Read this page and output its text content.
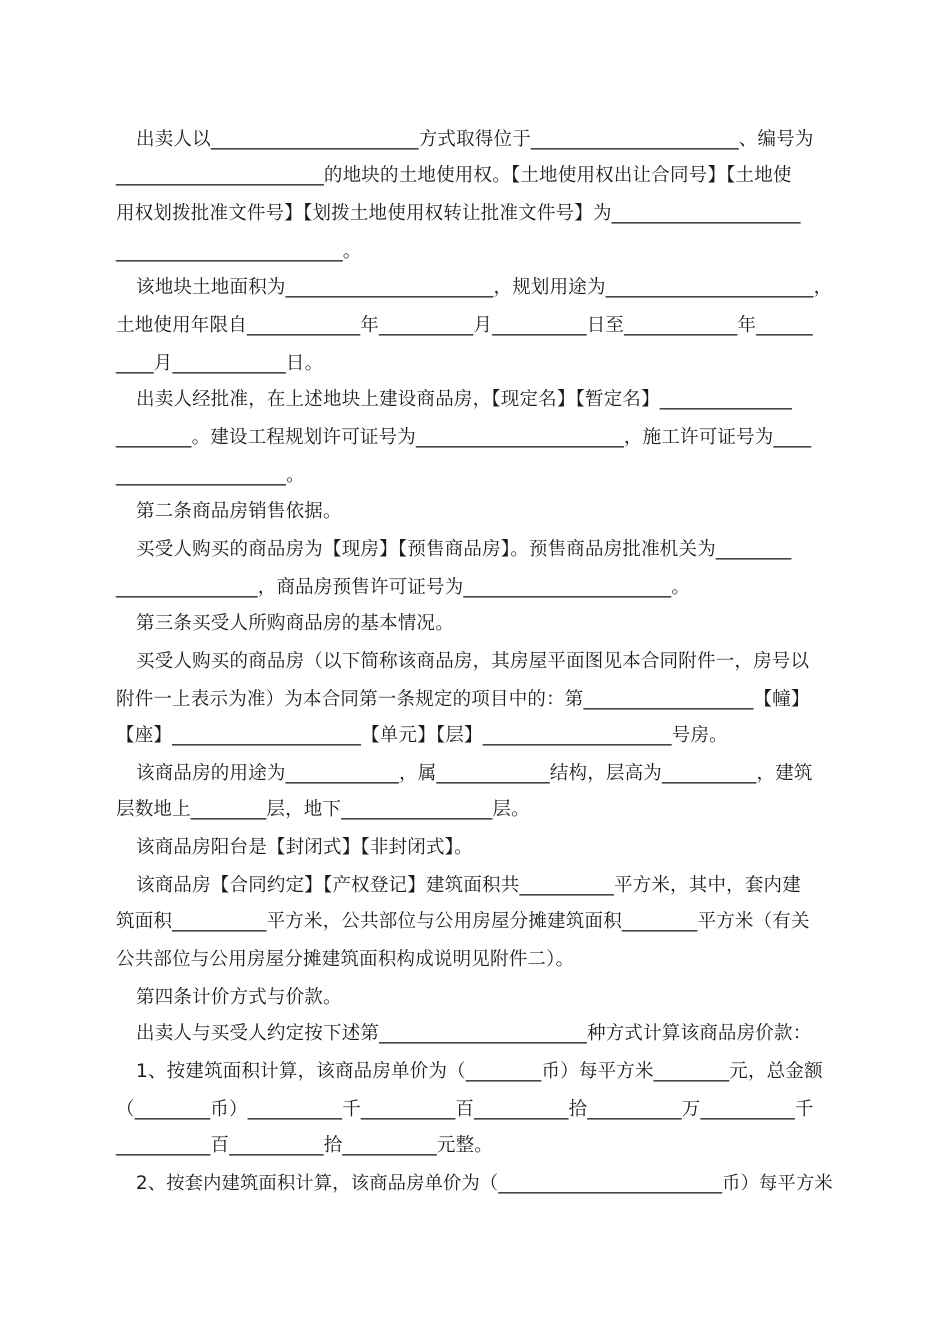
出卖人以______________________方式取得位于______________________、编号为
______________________的地块的土地使用权。【土地使用权出让合同号】【土地使
用权划拨批准文件号】【划拨土地使用权转让批准文件号】为____________________
________________________。
该地块土地面积为______________________，规划用途为______________________，
土地使用年限自____________年__________月__________日至____________年______
____月____________日。
出卖人经批准，在上述地块上建设商品房，【现定名】【暂定名】______________
________。建设工程规划许可证号为______________________，施工许可证号为____
__________________。
第二条商品房销售依据。
买受人购买的商品房为【现房】【预售商品房】。预售商品房批准机关为________
_______________，商品房预售许可证号为______________________。
第三条买受人所购商品房的基本情况。
买受人购买的商品房（以下简称该商品房，其房屋平面图见本合同附件一，房号以
附件一上表示为准）为本合同第一条规定的项目中的：第__________________【幢】
【座】____________________【单元】【层】____________________号房。
该商品房的用途为____________，属____________结构，层高为__________，建筑
层数地上________层，地下________________层。
该商品房阳台是【封闭式】【非封闭式】。
该商品房【合同约定】【产权登记】建筑面积共__________平方米，其中，套内建
筑面积__________平方米，公共部位与公用房屋分摊建筑面积________平方米（有关
公共部位与公用房屋分摊建筑面积构成说明见附件二）。
第四条计价方式与价款。
出卖人与买受人约定按下述第______________________种方式计算该商品房价款：
1、按建筑面积计算，该商品房单价为（________币）每平方米________元，总金额
（________币）__________千__________百__________拾__________万__________千
__________百__________拾__________元整。
2、按套内建筑面积计算，该商品房单价为（________________________币）每平方米
